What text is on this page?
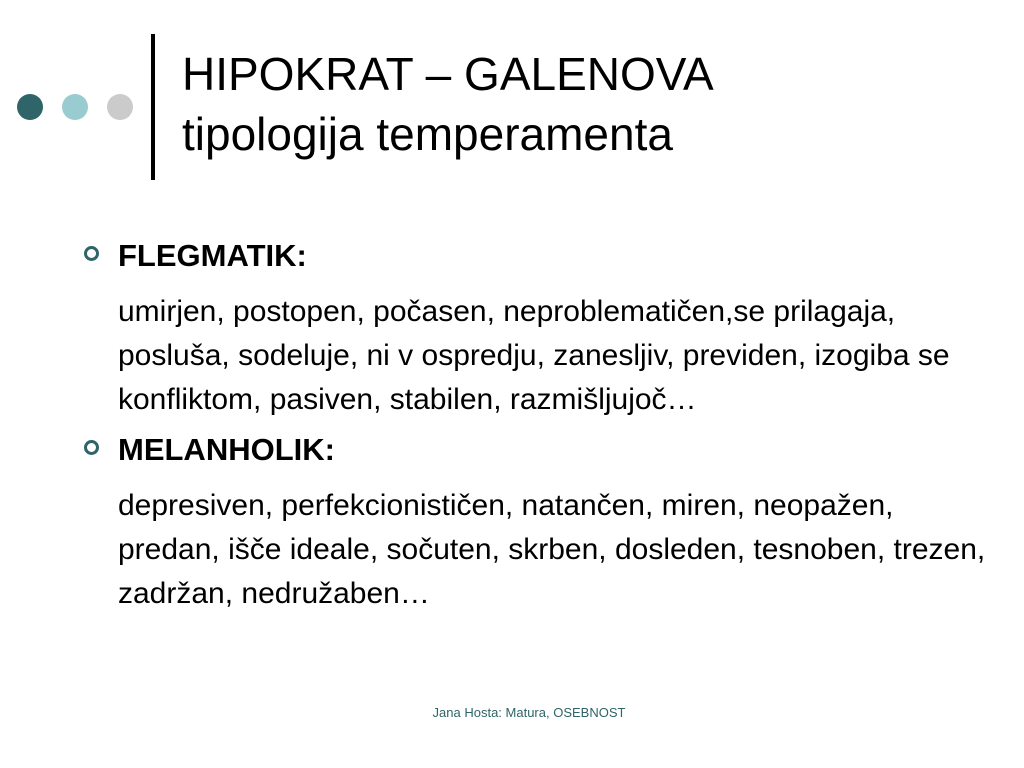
HIPOKRAT – GALENOVA
tipologija temperamenta

FLEGMATIK:

umirjen, postopen, počasen, neproblematičen,se prilagaja, posluša, sodeluje, ni v ospredju, zanesljiv, previden, izogiba se konfliktom, pasiven, stabilen, razmišljujoč…

MELANHOLIK:

depresiven, perfekcionističen, natančen, miren, neopažen, predan, išče ideale, sočuten, skrben, dosleden, tesnoben, trezen, zadržan, nedružaben…

Jana Hosta: Matura, OSEBNOST
